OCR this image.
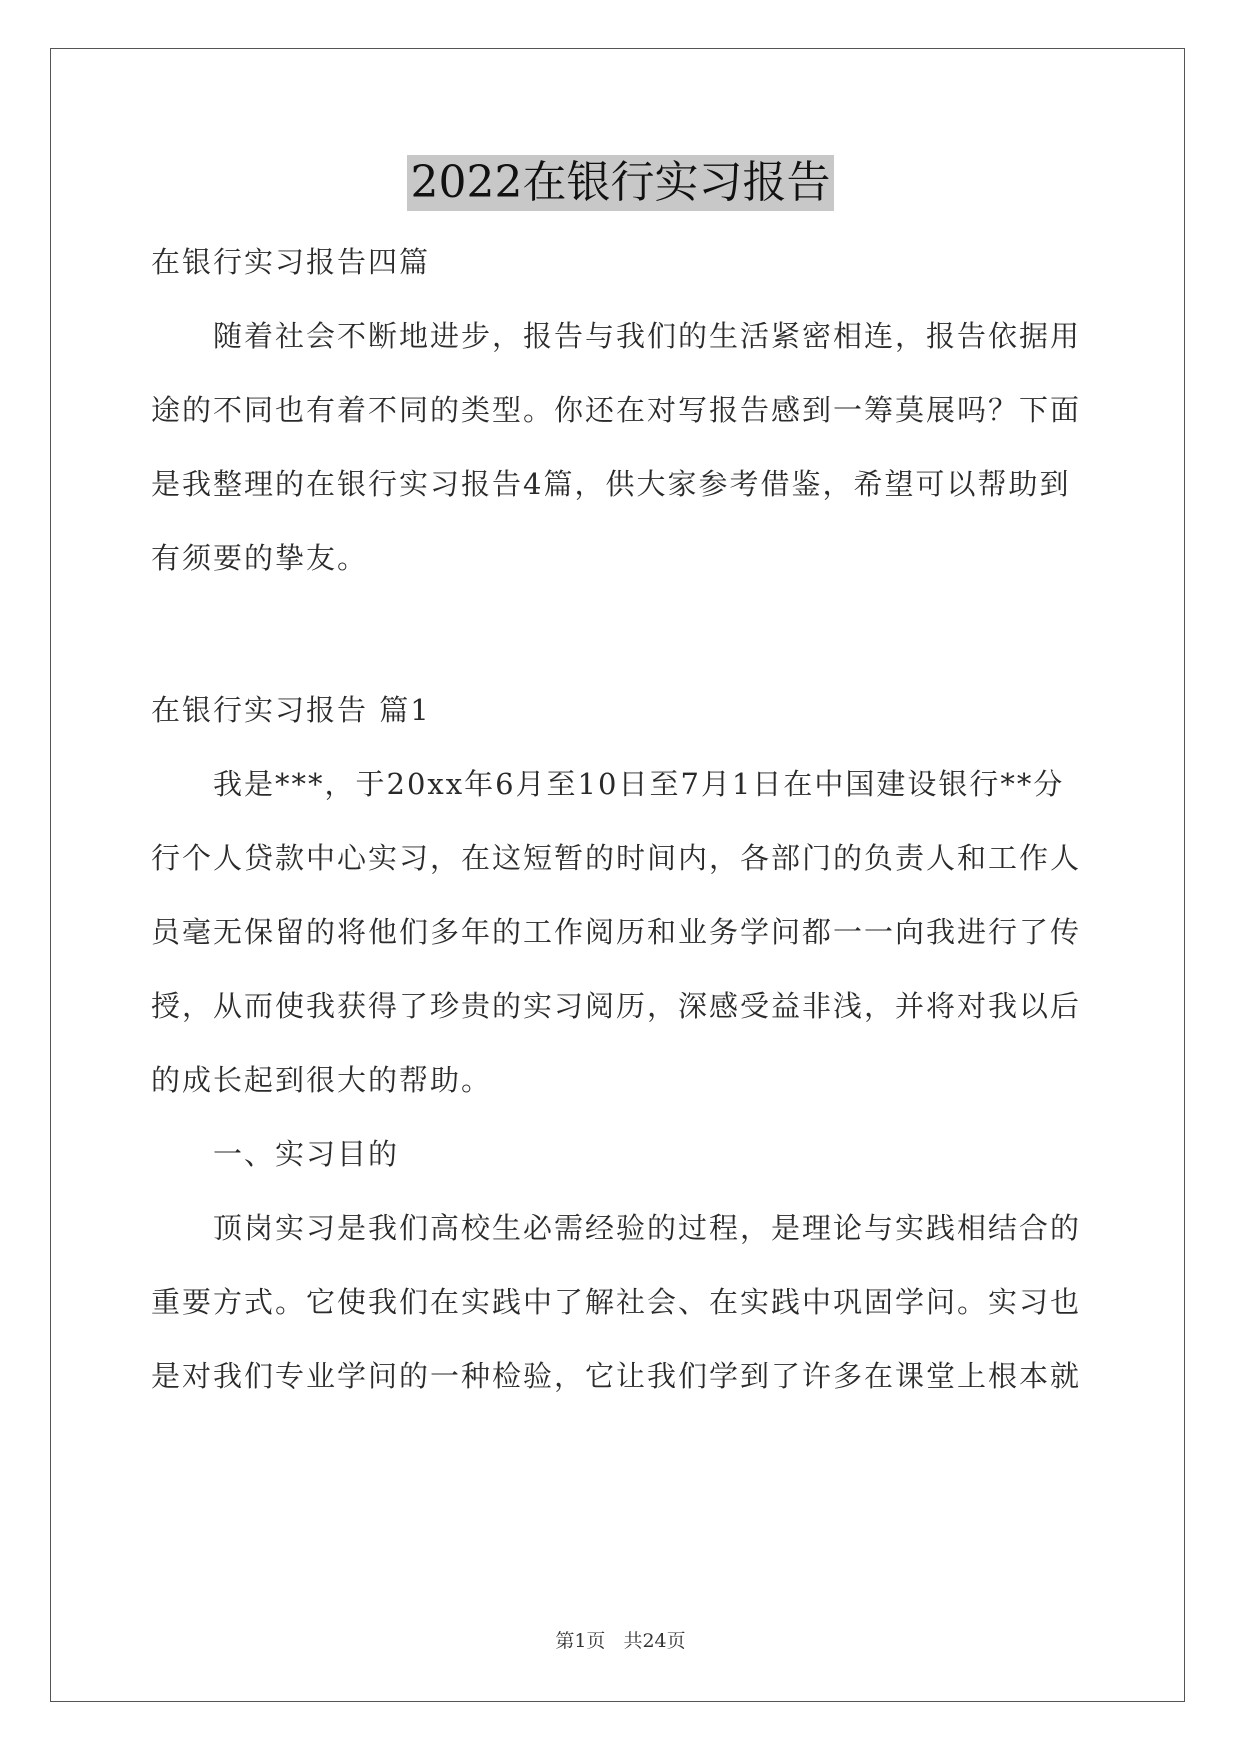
2022在银行实习报告
在银行实习报告四篇
随着社会不断地进步，报告与我们的生活紧密相连，报告依据用
途的不同也有着不同的类型。你还在对写报告感到一筹莫展吗？下面
是我整理的在银行实习报告4篇，供大家参考借鉴，希望可以帮助到
有须要的挚友。
在银行实习报告 篇1
我是***，于20xx年6月至10日至7月1日在中国建设银行**分
行个人贷款中心实习，在这短暂的时间内，各部门的负责人和工作人
员毫无保留的将他们多年的工作阅历和业务学问都一一向我进行了传
授，从而使我获得了珍贵的实习阅历，深感受益非浅，并将对我以后
的成长起到很大的帮助。
一、实习目的
顶岗实习是我们高校生必需经验的过程，是理论与实践相结合的
重要方式。它使我们在实践中了解社会、在实践中巩固学问。实习也
是对我们专业学问的一种检验，它让我们学到了许多在课堂上根本就
第1页 共24页
